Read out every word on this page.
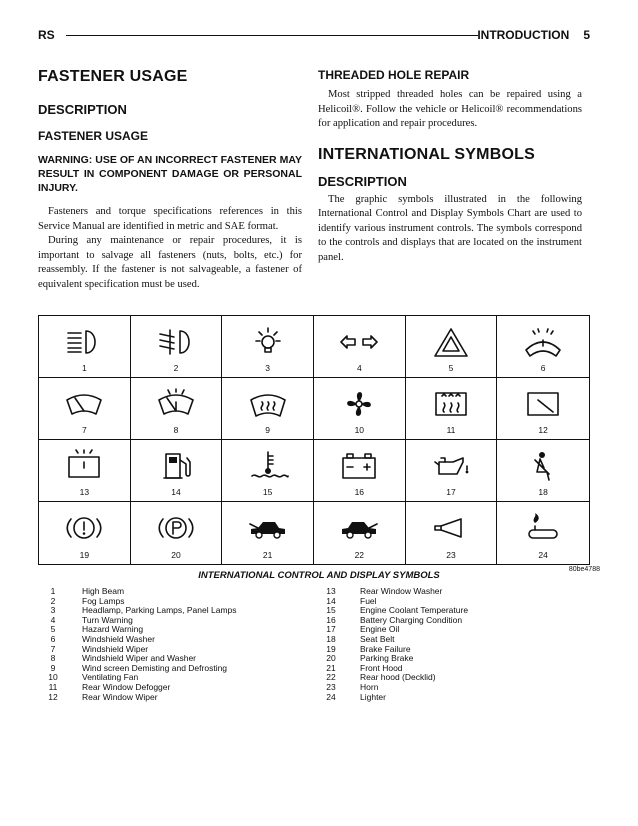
RS	INTRODUCTION 5
FASTENER USAGE
DESCRIPTION
FASTENER USAGE
WARNING: USE OF AN INCORRECT FASTENER MAY RESULT IN COMPONENT DAMAGE OR PERSONAL INJURY.

Fasteners and torque specifications references in this Service Manual are identified in metric and SAE format.

During any maintenance or repair procedures, it is important to salvage all fasteners (nuts, bolts, etc.) for reassembly. If the fastener is not salvageable, a fastener of equivalent specification must be used.

THREADED HOLE REPAIR

Most stripped threaded holes can be repaired using a Helicoil®. Follow the vehicle or Helicoil® recommendations for application and repair procedures.

INTERNATIONAL SYMBOLS
DESCRIPTION

The graphic symbols illustrated in the following International Control and Display Symbols Chart are used to identify various instrument controls. The symbols correspond to the controls and displays that are located on the instrument panel.

1	2	3	4	5	6
7	8	9	10	11	12
13	14	15	16	17	18
19	20	21	22	23	24
80be4788
INTERNATIONAL CONTROL AND DISPLAY SYMBOLS
1	High Beam
2	Fog Lamps
3	Headlamp, Parking Lamps, Panel Lamps
4	Turn Warning
5	Hazard Warning
6	Windshield Washer
7	Windshield Wiper
8	Windshield Wiper and Washer
9	Wind screen Demisting and Defrosting
10	Ventilating Fan
11	Rear Window Defogger
12	Rear Window Wiper
13	Rear Window Washer
14	Fuel
15	Engine Coolant Temperature
16	Battery Charging Condition
17	Engine Oil
18	Seat Belt
19	Brake Failure
20	Parking Brake
21	Front Hood
22	Rear hood (Decklid)
23	Horn
24	Lighter
